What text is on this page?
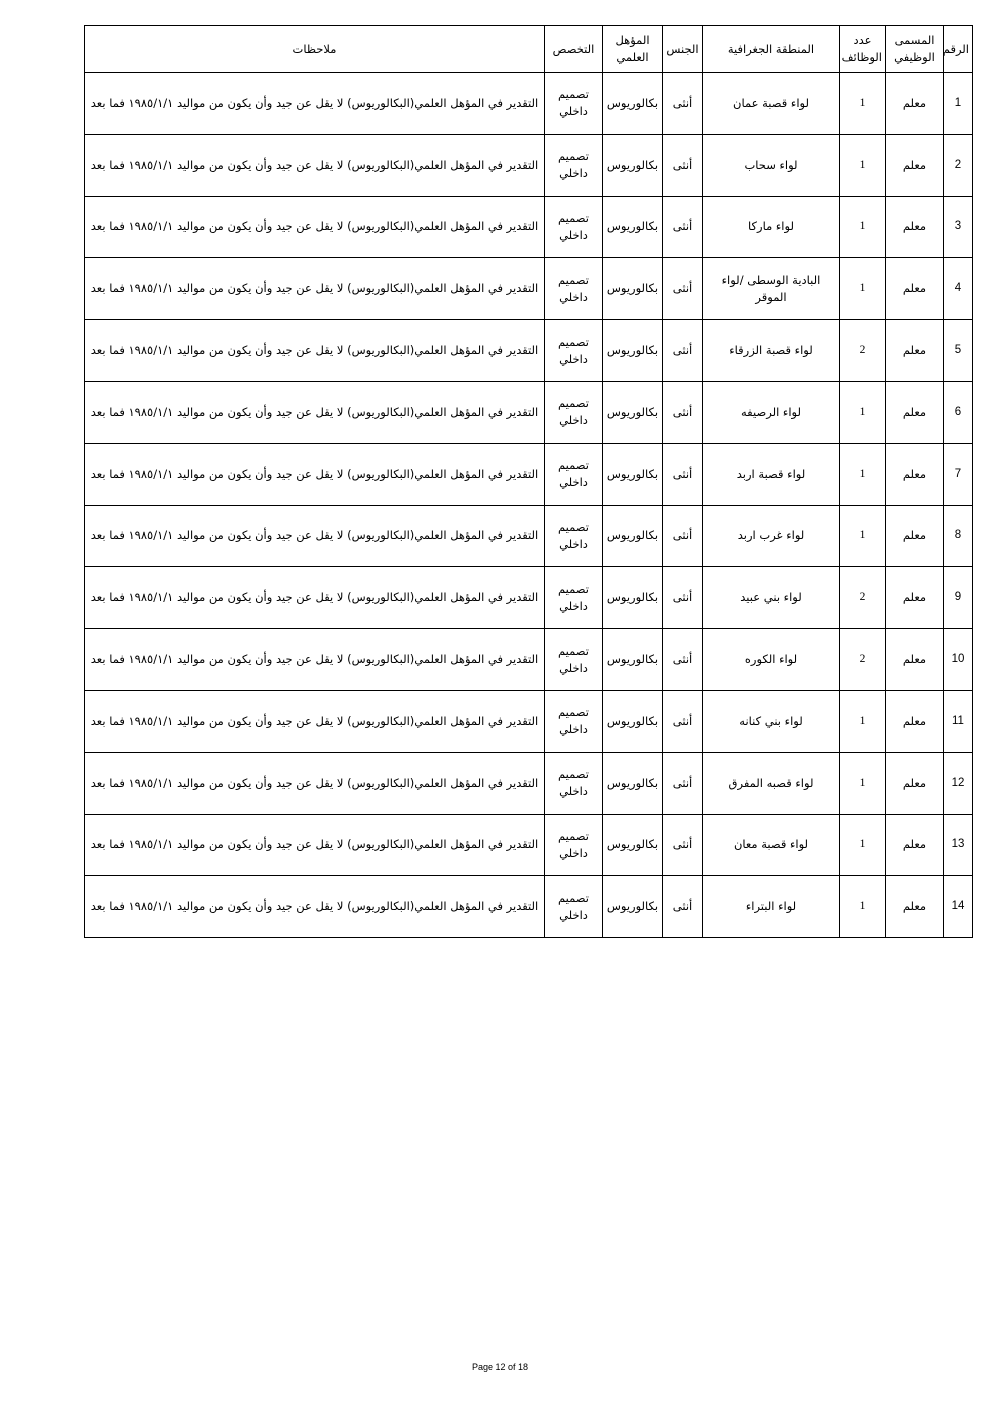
الرقم	المسمى الوظيفي	عدد الوظائف	المنطقة الجغرافية	الجنس	المؤهل العلمي	التخصص	ملاحظات
1	معلم	1	لواء قصبة عمان	أنثى	بكالوريوس	تصميم داخلي	التقدير في المؤهل العلمي(البكالوريوس) لا يقل عن جيد وأن يكون من مواليد ١٩٨٥/١/١ فما بعد
2	معلم	1	لواء سحاب	أنثى	بكالوريوس	تصميم داخلي	التقدير في المؤهل العلمي(البكالوريوس) لا يقل عن جيد وأن يكون من مواليد ١٩٨٥/١/١ فما بعد
3	معلم	1	لواء ماركا	أنثى	بكالوريوس	تصميم داخلي	التقدير في المؤهل العلمي(البكالوريوس) لا يقل عن جيد وأن يكون من مواليد ١٩٨٥/١/١ فما بعد
4	معلم	1	البادية الوسطى /لواء الموقر	أنثى	بكالوريوس	تصميم داخلي	التقدير في المؤهل العلمي(البكالوريوس) لا يقل عن جيد وأن يكون من مواليد ١٩٨٥/١/١ فما بعد
5	معلم	2	لواء قصبة الزرقاء	أنثى	بكالوريوس	تصميم داخلي	التقدير في المؤهل العلمي(البكالوريوس) لا يقل عن جيد وأن يكون من مواليد ١٩٨٥/١/١ فما بعد
6	معلم	1	لواء الرصيفه	أنثى	بكالوريوس	تصميم داخلي	التقدير في المؤهل العلمي(البكالوريوس) لا يقل عن جيد وأن يكون من مواليد ١٩٨٥/١/١ فما بعد
7	معلم	1	لواء قصبة اربد	أنثى	بكالوريوس	تصميم داخلي	التقدير في المؤهل العلمي(البكالوريوس) لا يقل عن جيد وأن يكون من مواليد ١٩٨٥/١/١ فما بعد
8	معلم	1	لواء غرب اربد	أنثى	بكالوريوس	تصميم داخلي	التقدير في المؤهل العلمي(البكالوريوس) لا يقل عن جيد وأن يكون من مواليد ١٩٨٥/١/١ فما بعد
9	معلم	2	لواء بني عبيد	أنثى	بكالوريوس	تصميم داخلي	التقدير في المؤهل العلمي(البكالوريوس) لا يقل عن جيد وأن يكون من مواليد ١٩٨٥/١/١ فما بعد
10	معلم	2	لواء الكوره	أنثى	بكالوريوس	تصميم داخلي	التقدير في المؤهل العلمي(البكالوريوس) لا يقل عن جيد وأن يكون من مواليد ١٩٨٥/١/١ فما بعد
11	معلم	1	لواء بني كنانه	أنثى	بكالوريوس	تصميم داخلي	التقدير في المؤهل العلمي(البكالوريوس) لا يقل عن جيد وأن يكون من مواليد ١٩٨٥/١/١ فما بعد
12	معلم	1	لواء قصبه المفرق	أنثى	بكالوريوس	تصميم داخلي	التقدير في المؤهل العلمي(البكالوريوس) لا يقل عن جيد وأن يكون من مواليد ١٩٨٥/١/١ فما بعد
13	معلم	1	لواء قصبة معان	أنثى	بكالوريوس	تصميم داخلي	التقدير في المؤهل العلمي(البكالوريوس) لا يقل عن جيد وأن يكون من مواليد ١٩٨٥/١/١ فما بعد
14	معلم	1	لواء البتراء	أنثى	بكالوريوس	تصميم داخلي	التقدير في المؤهل العلمي(البكالوريوس) لا يقل عن جيد وأن يكون من مواليد ١٩٨٥/١/١ فما بعد
Page 12 of 18
